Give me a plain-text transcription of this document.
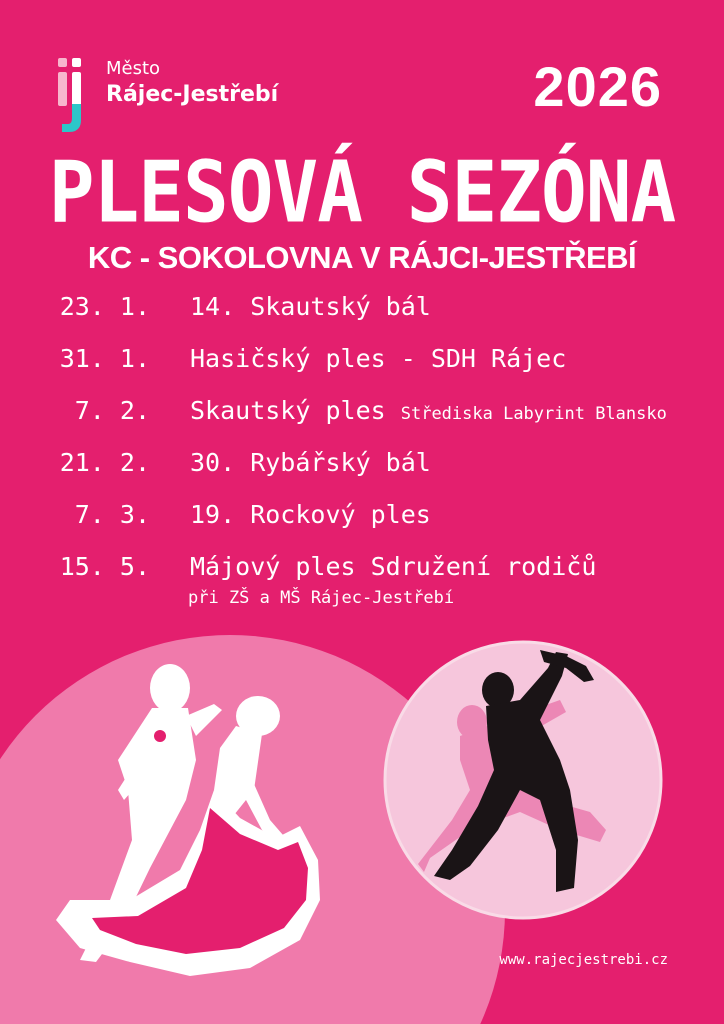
Město
Rájec-Jestřebí	2026
PLESOVÁ SEZÓNA
KC - SOKOLOVNA V RÁJCI-JESTŘEBÍ
23. 1. 14. Skautský bál
31. 1. Hasičský ples - SDH Rájec
7. 2. Skautský ples Střediska Labyrint Blansko
21. 2. 30. Rybářský bál
7. 3. 19. Rockový ples
15. 5. Májový ples Sdružení rodičů
při ZŠ a MŠ Rájec-Jestřebí
www.rajecjestrebi.cz
